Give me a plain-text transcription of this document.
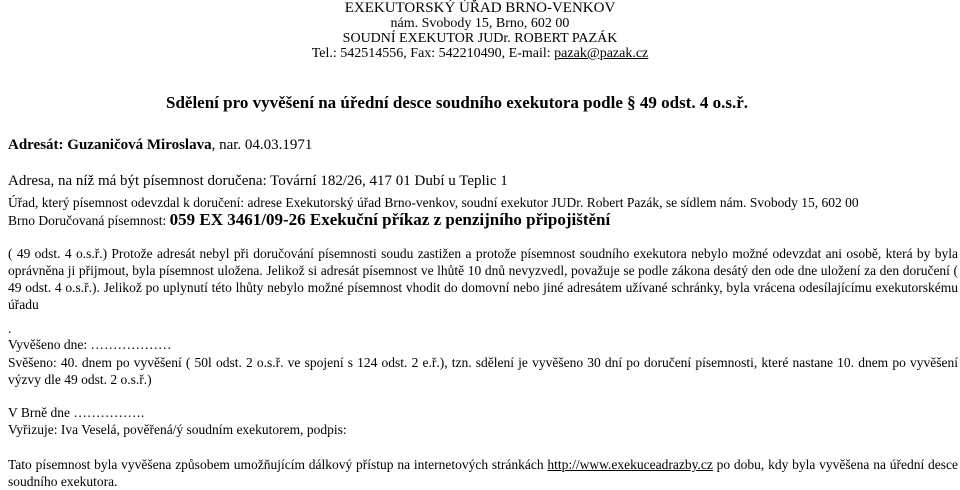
EXEKUTORSKÝ ÚŘAD BRNO-VENKOV
nám. Svobody 15, Brno, 602 00
SOUDNÍ EXEKUTOR JUDr. ROBERT PAZÁK
Tel.: 542514556, Fax: 542210490, E-mail: pazak@pazak.cz
Sdělení pro vyvěšení na úřední desce soudního exekutora podle § 49 odst. 4 o.s.ř.
Adresát: Guzaničová Miroslava, nar. 04.03.1971
Adresa, na níž má být písemnost doručena: Tovární 182/26, 417 01 Dubí u Teplic 1
Úřad, který písemnost odevzdal k doručení: adrese Exekutorský úřad Brno-venkov, soudní exekutor JUDr. Robert Pazák, se sídlem nám. Svobody 15, 602 00
Brno Doručovaná písemnost: 059 EX 3461/09-26 Exekuční příkaz z penzijního připojištění
( 49 odst. 4 o.s.ř.) Protože adresát nebyl při doručování písemnosti soudu zastižen a protože písemnost soudního exekutora nebylo možné odevzdat ani osobě, která by byla oprávněna ji přijmout, byla písemnost uložena. Jelikož si adresát písemnost ve lhůtě 10 dnů nevyzvedl, považuje se podle zákona desátý den ode dne uložení za den doručení ( 49 odst. 4 o.s.ř.). Jelikož po uplynutí této lhůty nebylo možné písemnost vhodit do domovní nebo jiné adresátem užívané schránky, byla vrácena odesílajícímu exekutorskému úřadu
.
Vyvěšeno dne: ………………
Svěšeno: 40. dnem po vyvěšení ( 50l odst. 2 o.s.ř. ve spojení s 124 odst. 2 e.ř.), tzn. sdělení je vyvěšeno 30 dní po doručení písemnosti, které nastane 10. dnem po vyvěšení výzvy dle 49 odst. 2 o.s.ř.)
V Brně dne …………….
Vyřizuje: Iva Veselá, pověřená/ý soudním exekutorem, podpis:
Tato písemnost byla vyvěšena způsobem umožňujícím dálkový přístup na internetových stránkách http://www.exekuceadrazby.cz po dobu, kdy byla vyvěšena na úřední desce soudního exekutora.
